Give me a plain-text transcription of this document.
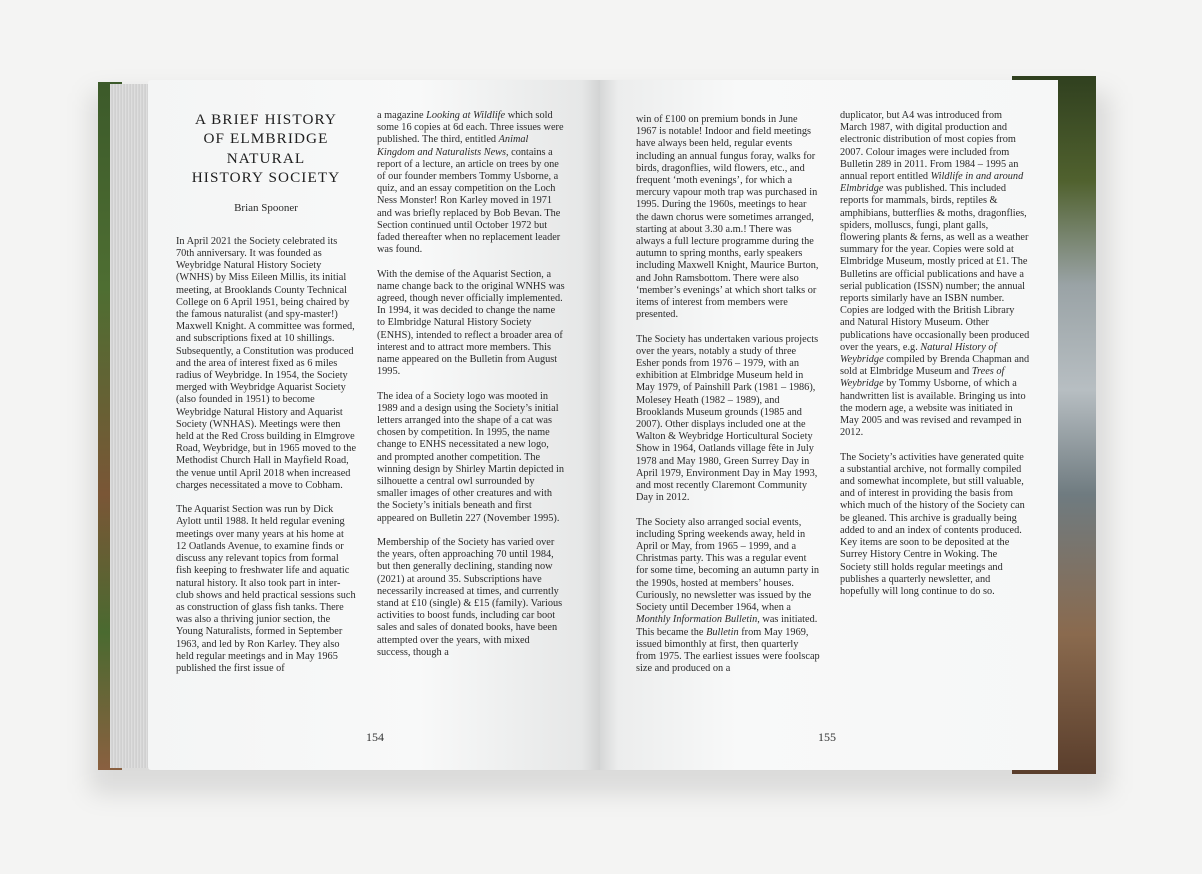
A BRIEF HISTORY
OF ELMBRIDGE
NATURAL
HISTORY SOCIETY
Brian Spooner

In April 2021 the Society celebrated its 70th anniversary. It was founded as Weybridge Natural History Society (WNHS) by Miss Eileen Millis, its initial meeting, at Brooklands County Technical College on 6 April 1951, being chaired by the famous naturalist (and spy-master!) Maxwell Knight. A committee was formed, and subscriptions fixed at 10 shillings. Subsequently, a Constitution was produced and the area of interest fixed as 6 miles radius of Weybridge. In 1954, the Society merged with Weybridge Aquarist Society (also founded in 1951) to become Weybridge Natural History and Aquarist Society (WNHAS). Meetings were then held at the Red Cross building in Elmgrove Road, Weybridge, but in 1965 moved to the Methodist Church Hall in Mayfield Road, the venue until April 2018 when increased charges necessitated a move to Cobham.

The Aquarist Section was run by Dick Aylott until 1988. It held regular evening meetings over many years at his home at 12 Oatlands Avenue, to examine finds or discuss any relevant topics from formal fish keeping to freshwater life and aquatic natural history. It also took part in inter-club shows and held practical sessions such as construction of glass fish tanks. There was also a thriving junior section, the Young Naturalists, formed in September 1963, and led by Ron Karley. They also held regular meetings and in May 1965 published the first issue of

a magazine Looking at Wildlife which sold some 16 copies at 6d each. Three issues were published. The third, entitled Animal Kingdom and Naturalists News, contains a report of a lecture, an article on trees by one of our founder members Tommy Usborne, a quiz, and an essay competition on the Loch Ness Monster! Ron Karley moved in 1971 and was briefly replaced by Bob Bevan. The Section continued until October 1972 but faded thereafter when no replacement leader was found.

With the demise of the Aquarist Section, a name change back to the original WNHS was agreed, though never officially implemented. In 1994, it was decided to change the name to Elmbridge Natural History Society (ENHS), intended to reflect a broader area of interest and to attract more members. This name appeared on the Bulletin from August 1995.

The idea of a Society logo was mooted in 1989 and a design using the Society’s initial letters arranged into the shape of a cat was chosen by competition. In 1995, the name change to ENHS necessitated a new logo, and prompted another competition. The winning design by Shirley Martin depicted in silhouette a central owl surrounded by smaller images of other creatures and with the Society’s initials beneath and first appeared on Bulletin 227 (November 1995).

Membership of the Society has varied over the years, often approaching 70 until 1984, but then generally declining, standing now (2021) at around 35. Subscriptions have necessarily increased at times, and currently stand at £10 (single) & £15 (family). Various activities to boost funds, including car boot sales and sales of donated books, have been attempted over the years, with mixed success, though a

154

win of £100 on premium bonds in June 1967 is notable! Indoor and field meetings have always been held, regular events including an annual fungus foray, walks for birds, dragonflies, wild flowers, etc., and frequent ‘moth evenings’, for which a mercury vapour moth trap was purchased in 1995. During the 1960s, meetings to hear the dawn chorus were sometimes arranged, starting at about 3.30 a.m.! There was always a full lecture programme during the autumn to spring months, early speakers including Maxwell Knight, Maurice Burton, and John Ramsbottom. There were also ‘member’s evenings’ at which short talks or items of interest from members were presented.

The Society has undertaken various projects over the years, notably a study of three Esher ponds from 1976 – 1979, with an exhibition at Elmbridge Museum held in May 1979, of Painshill Park (1981 – 1986), Molesey Heath (1982 – 1989), and Brooklands Museum grounds (1985 and 2007). Other displays included one at the Walton & Weybridge Horticultural Society Show in 1964, Oatlands village fête in July 1978 and May 1980, Green Surrey Day in April 1979, Environment Day in May 1993, and most recently Claremont Community Day in 2012.

The Society also arranged social events, including Spring weekends away, held in April or May, from 1965 – 1999, and a Christmas party. This was a regular event for some time, becoming an autumn party in the 1990s, hosted at members’ houses. Curiously, no newsletter was issued by the Society until December 1964, when a Monthly Information Bulletin, was initiated. This became the Bulletin from May 1969, issued bimonthly at first, then quarterly from 1975. The earliest issues were foolscap size and produced on a

duplicator, but A4 was introduced from March 1987, with digital production and electronic distribution of most copies from 2007. Colour images were included from Bulletin 289 in 2011. From 1984 – 1995 an annual report entitled Wildlife in and around Elmbridge was published. This included reports for mammals, birds, reptiles & amphibians, butterflies & moths, dragonflies, spiders, molluscs, fungi, plant galls, flowering plants & ferns, as well as a weather summary for the year. Copies were sold at Elmbridge Museum, mostly priced at £1. The Bulletins are official publications and have a serial publication (ISSN) number; the annual reports similarly have an ISBN number. Copies are lodged with the British Library and Natural History Museum. Other publications have occasionally been produced over the years, e.g. Natural History of Weybridge compiled by Brenda Chapman and sold at Elmbridge Museum and Trees of Weybridge by Tommy Usborne, of which a handwritten list is available. Bringing us into the modern age, a website was initiated in May 2005 and was revised and revamped in 2012.

The Society’s activities have generated quite a substantial archive, not formally compiled and somewhat incomplete, but still valuable, and of interest in providing the basis from which much of the history of the Society can be gleaned. This archive is gradually being added to and an index of contents produced. Key items are soon to be deposited at the Surrey History Centre in Woking. The Society still holds regular meetings and publishes a quarterly newsletter, and hopefully will long continue to do so.

155
